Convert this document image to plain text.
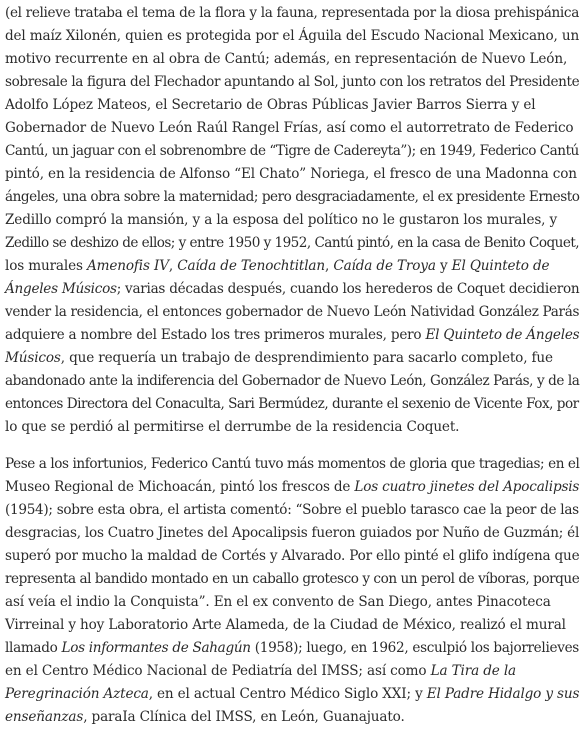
(el relieve trataba el tema de la flora y la fauna, representada por la diosa prehispánica
del maíz Xilonén, quien es protegida por el Águila del Escudo Nacional Mexicano, un
motivo recurrente en al obra de Cantú; además, en representación de Nuevo León,
sobresale la figura del Flechador apuntando al Sol, junto con los retratos del Presidente
Adolfo López Mateos, el Secretario de Obras Públicas Javier Barros Sierra y el
Gobernador de Nuevo León Raúl Rangel Frías, así como el autorretrato de Federico
Cantú, un jaguar con el sobrenombre de “Tigre de Cadereyta”); en 1949, Federico Cantú
pintó, en la residencia de Alfonso “El Chato” Noriega, el fresco de una Madonna con
ángeles, una obra sobre la maternidad; pero desgraciadamente, el ex presidente Ernesto
Zedillo compró la mansión, y a la esposa del político no le gustaron los murales, y
Zedillo se deshizo de ellos; y entre 1950 y 1952, Cantú pintó, en la casa de Benito Coquet,
los murales Amenofis IV, Caída de Tenochtitlan, Caída de Troya y El Quinteto de
Ángeles Músicos; varias décadas después, cuando los herederos de Coquet decidieron
vender la residencia, el entonces gobernador de Nuevo León Natividad González Parás
adquiere a nombre del Estado los tres primeros murales, pero El Quinteto de Ángeles
Músicos, que requería un trabajo de desprendimiento para sacarlo completo, fue
abandonado ante la indiferencia del Gobernador de Nuevo León, González Parás, y de la
entonces Directora del Conaculta, Sari Bermúdez, durante el sexenio de Vicente Fox, por
lo que se perdió al permitirse el derrumbe de la residencia Coquet.

Pese a los infortunios, Federico Cantú tuvo más momentos de gloria que tragedias; en el
Museo Regional de Michoacán, pintó los frescos de Los cuatro jinetes del Apocalipsis
(1954); sobre esta obra, el artista comentó: “Sobre el pueblo tarasco cae la peor de las
desgracias, los Cuatro Jinetes del Apocalipsis fueron guiados por Nuño de Guzmán; él
superó por mucho la maldad de Cortés y Alvarado. Por ello pinté el glifo indígena que
representa al bandido montado en un caballo grotesco y con un perol de víboras, porque
así veía el indio la Conquista”. En el ex convento de San Diego, antes Pinacoteca
Virreinal y hoy Laboratorio Arte Alameda, de la Ciudad de México, realizó el mural
llamado Los informantes de Sahagún (1958); luego, en 1962, esculpió los bajorrelieves
en el Centro Médico Nacional de Pediatría del IMSS; así como La Tira de la
Peregrinación Azteca, en el actual Centro Médico Siglo XXI; y El Padre Hidalgo y sus
enseñanzas, paraIa Clínica del IMSS, en León, Guanajuato.
